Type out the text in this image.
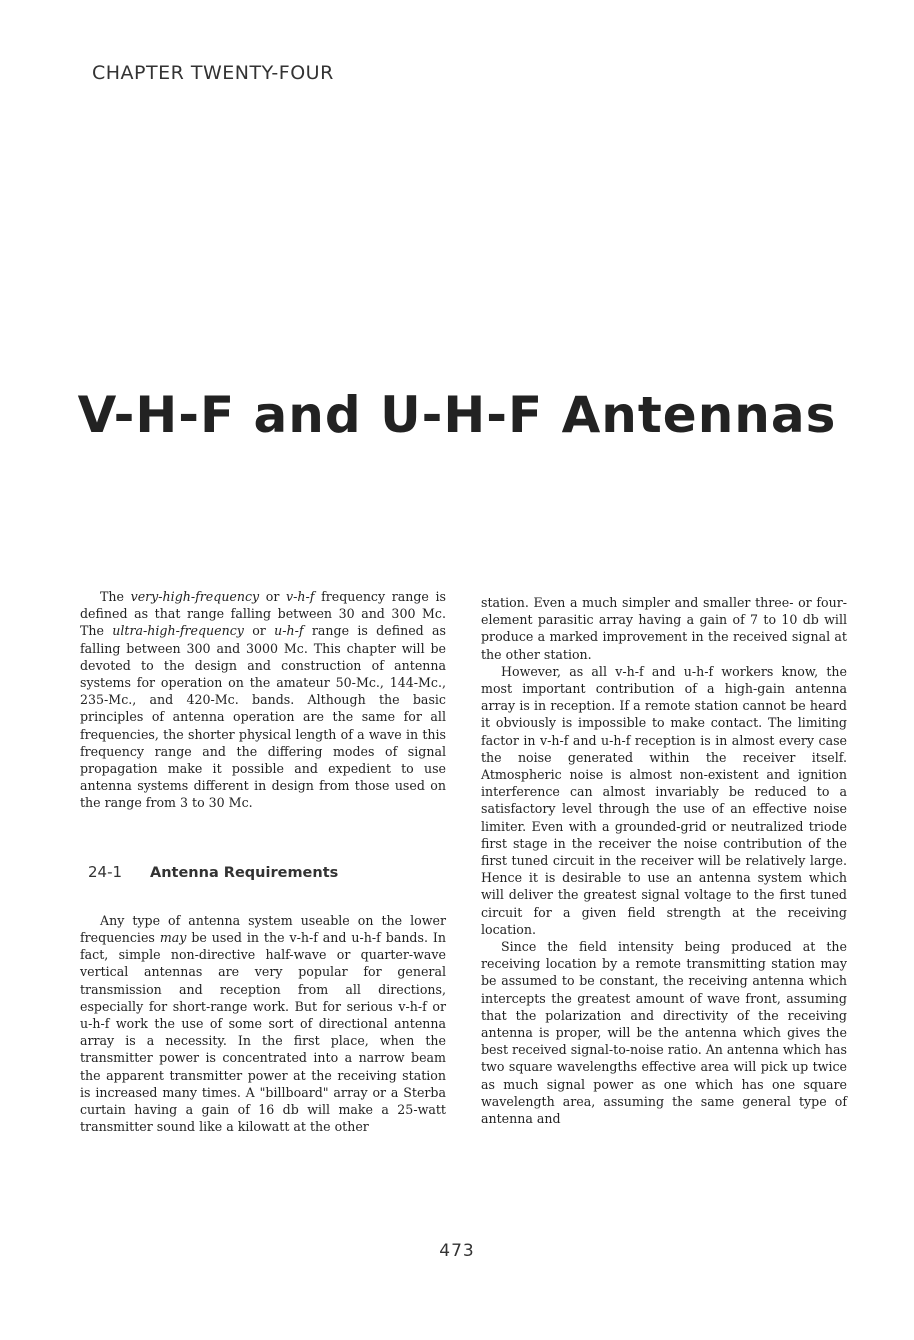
CHAPTER TWENTY-FOUR
V-H-F and U-H-F Antennas

The very-high-frequency or v-h-f frequency range is defined as that range falling between 30 and 300 Mc. The ultra-high-frequency or u-h-f range is defined as falling between 300 and 3000 Mc. This chapter will be devoted to the design and construction of antenna systems for operation on the amateur 50-Mc., 144-Mc., 235-Mc., and 420-Mc. bands. Although the basic principles of antenna operation are the same for all frequencies, the shorter physical length of a wave in this frequency range and the differing modes of signal propagation make it possible and expedient to use antenna systems different in design from those used on the range from 3 to 30 Mc.

24-1	Antenna Requirements

Any type of antenna system useable on the lower frequencies may be used in the v-h-f and u-h-f bands. In fact, simple non-directive half-wave or quarter-wave vertical antennas are very popular for general transmission and reception from all directions, especially for short-range work. But for serious v-h-f or u-h-f work the use of some sort of directional antenna array is a necessity. In the first place, when the transmitter power is concentrated into a narrow beam the apparent transmitter power at the receiving station is increased many times. A "billboard" array or a Sterba curtain having a gain of 16 db will make a 25-watt transmitter sound like a kilowatt at the other

station. Even a much simpler and smaller three- or four-element parasitic array having a gain of 7 to 10 db will produce a marked improvement in the received signal at the other station.

However, as all v-h-f and u-h-f workers know, the most important contribution of a high-gain antenna array is in reception. If a remote station cannot be heard it obviously is impossible to make contact. The limiting factor in v-h-f and u-h-f reception is in almost every case the noise generated within the receiver itself. Atmospheric noise is almost non-existent and ignition interference can almost invariably be reduced to a satisfactory level through the use of an effective noise limiter. Even with a grounded-grid or neutralized triode first stage in the receiver the noise contribution of the first tuned circuit in the receiver will be relatively large. Hence it is desirable to use an antenna system which will deliver the greatest signal voltage to the first tuned circuit for a given field strength at the receiving location.

Since the field intensity being produced at the receiving location by a remote transmitting station may be assumed to be constant, the receiving antenna which intercepts the greatest amount of wave front, assuming that the polarization and directivity of the receiving antenna is proper, will be the antenna which gives the best received signal-to-noise ratio. An antenna which has two square wavelengths effective area will pick up twice as much signal power as one which has one square wavelength area, assuming the same general type of antenna and

473
